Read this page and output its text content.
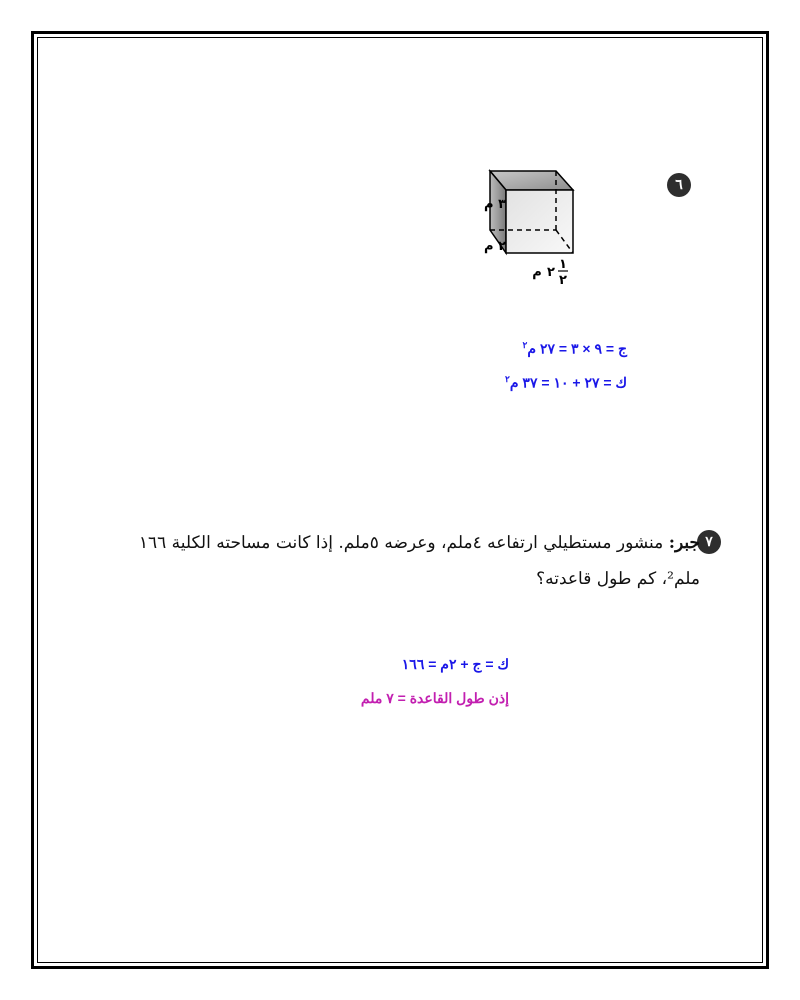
٦
٣ م
٢ م
م ٢
١
٢
ج = ٩ × ٣ = ٢٧ م$^٢$
ك = ٢٧ + ١٠ = ٣٧ م$^٢$
٧
جبر: منشور مستطيلي ارتفاعه ٤ملم، وعرضه ٥ملم. إذا كانت مساحته الكلية ١٦٦ ملم²، كم طول قاعدته؟
ك = ج + ٢م = ١٦٦
إذن طول القاعدة = ٧ ملم
